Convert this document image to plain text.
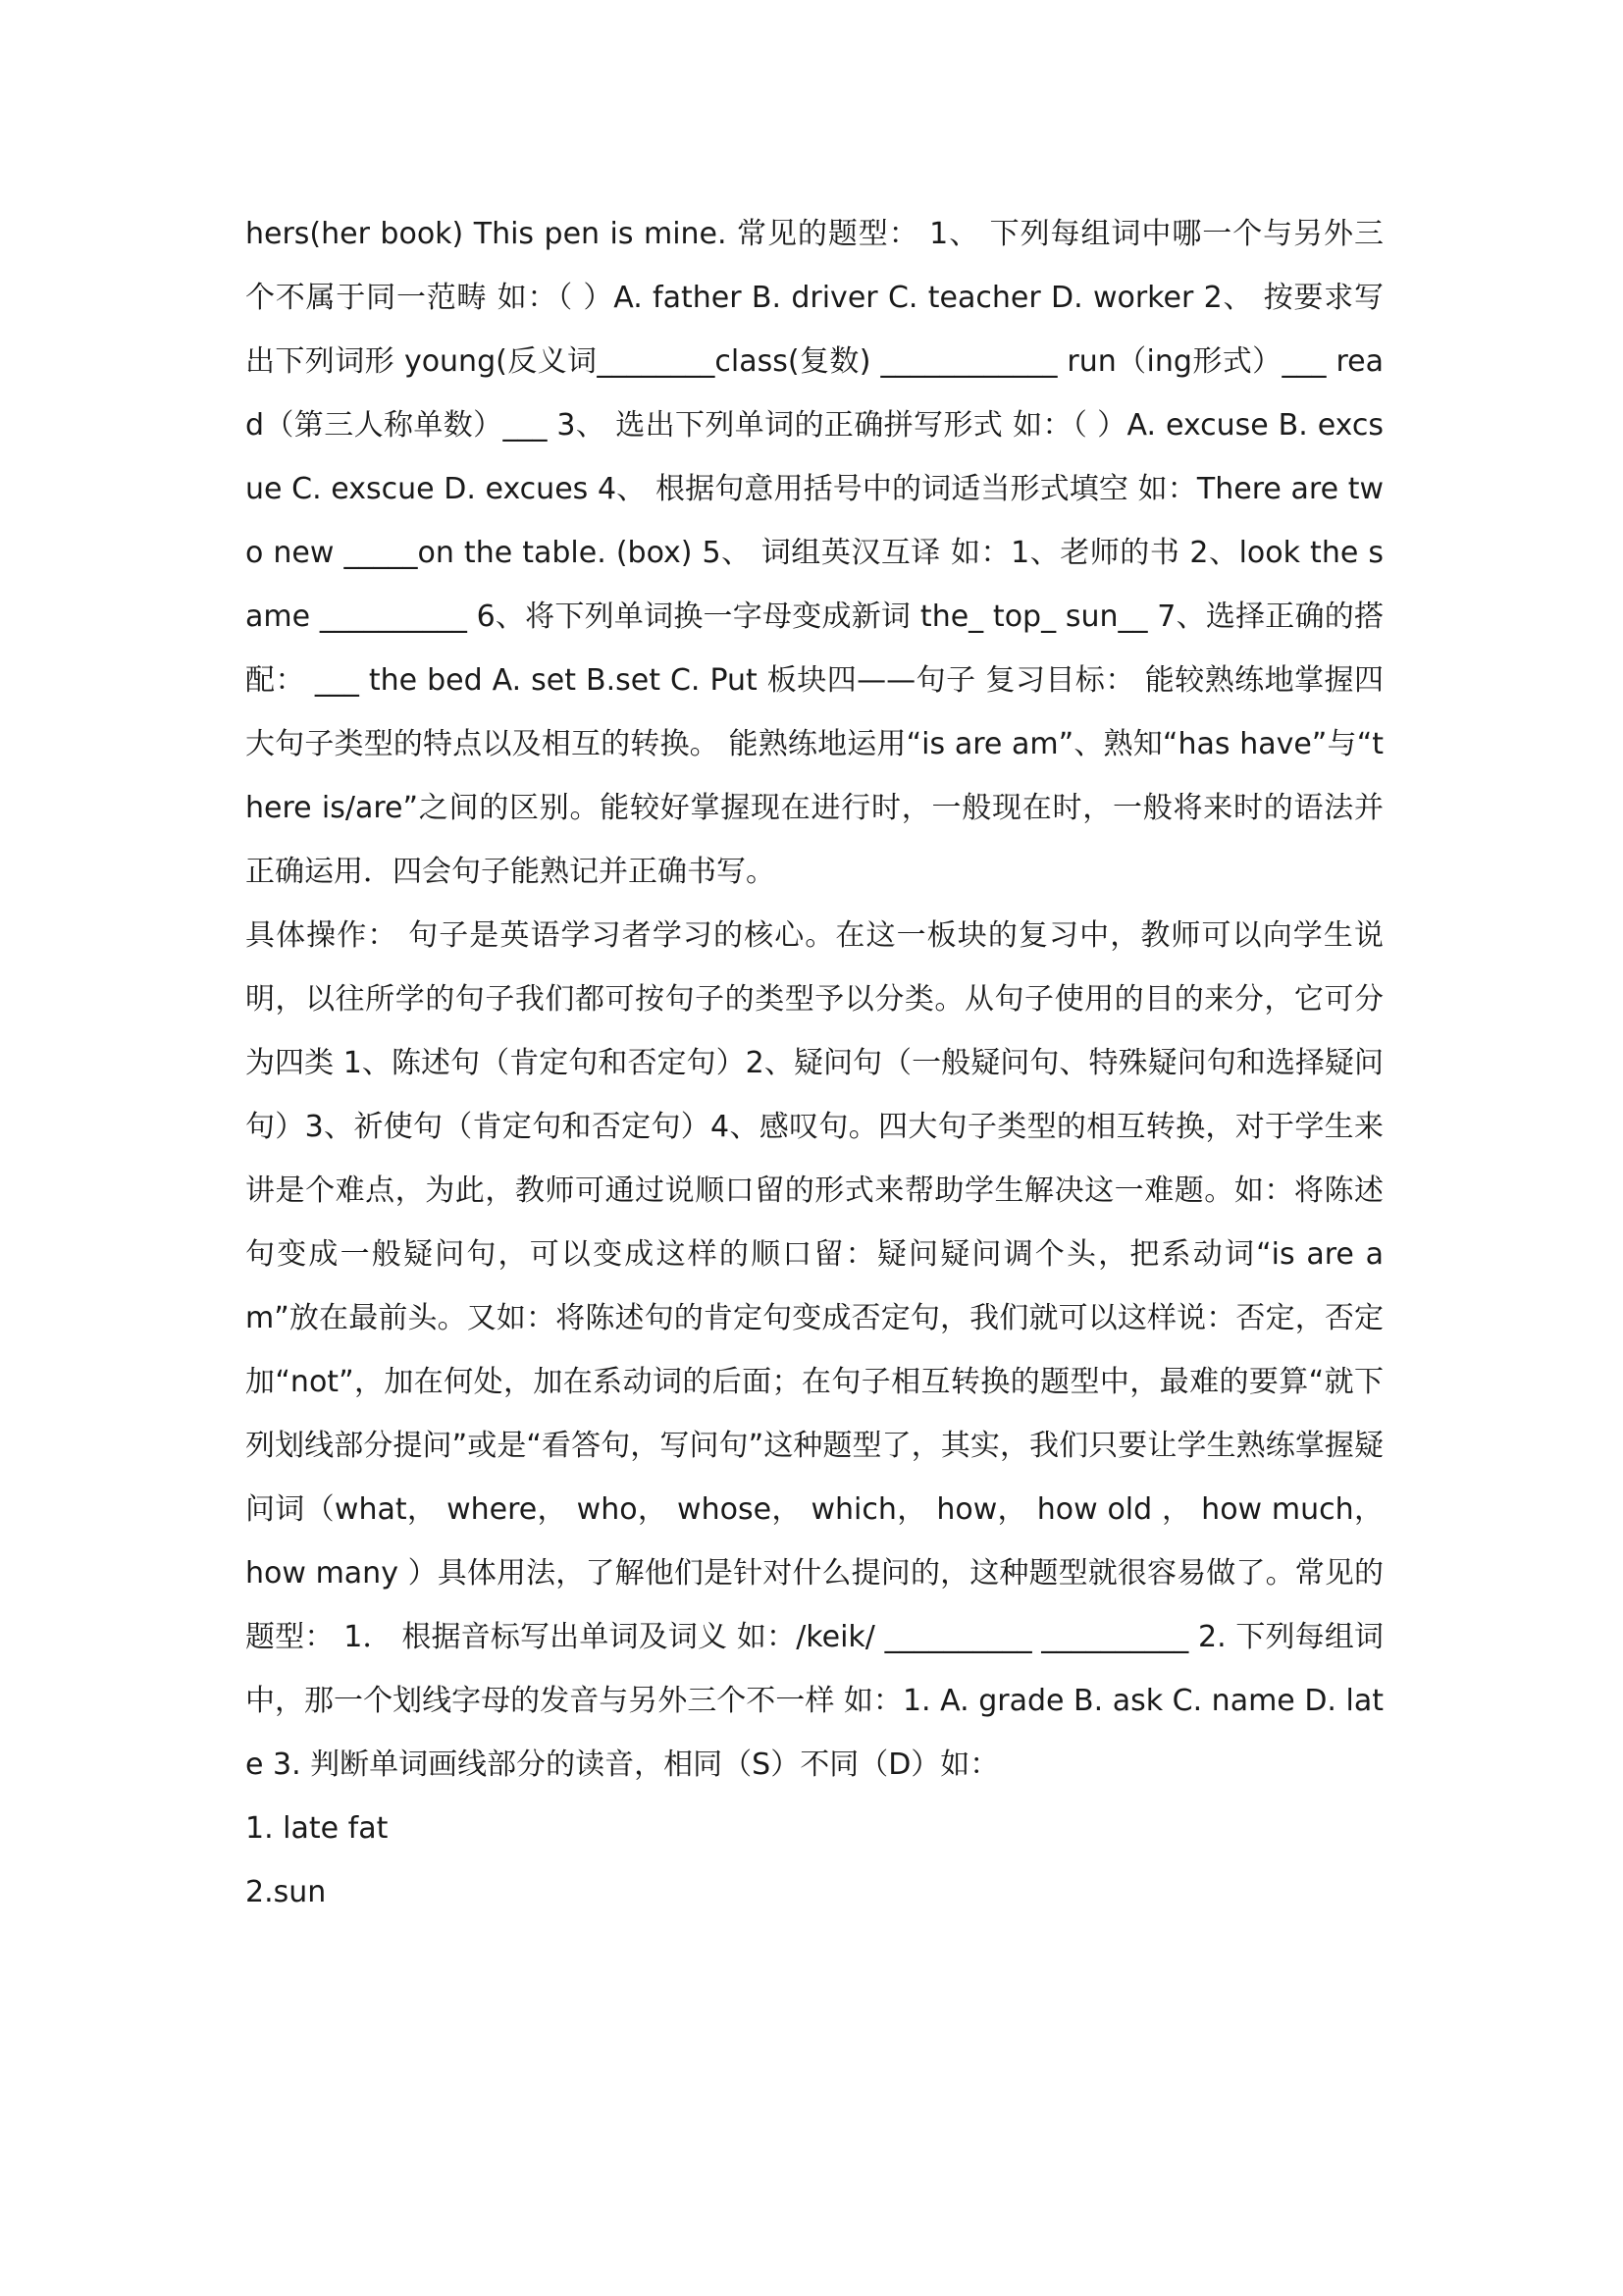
hers(her book) This pen is mine. 常见的题型： 1、 下列每组词中哪一个与另外三个不属于同一范畴 如：（ ）A. father B. driver C. teacher D. worker 2、 按要求写出下列词形 young(反义词________class(复数) ____________ run（ing形式）___ read（第三人称单数）___ 3、 选出下列单词的正确拼写形式 如：（ ）A. excuse B. excsue C. exscue D. excues 4、 根据句意用括号中的词适当形式填空 如：There are two new _____on the table. (box) 5、 词组英汉互译 如：1、老师的书 2、look the same __________ 6、将下列单词换一字母变成新词 the_ top_ sun__ 7、选择正确的搭配： ___ the bed A. set B.set C. Put 板块四——句子 复习目标： 能较熟练地掌握四大句子类型的特点以及相互的转换。 能熟练地运用“is are am”、熟知“has have”与“there is/are”之间的区别。能较好掌握现在进行时，一般现在时，一般将来时的语法并正确运用．四会句子能熟记并正确书写。

具体操作： 句子是英语学习者学习的核心。在这一板块的复习中，教师可以向学生说明，以往所学的句子我们都可按句子的类型予以分类。从句子使用的目的来分，它可分为四类 1、陈述句（肯定句和否定句）2、疑问句（一般疑问句、特殊疑问句和选择疑问句）3、祈使句（肯定句和否定句）4、感叹句。四大句子类型的相互转换，对于学生来讲是个难点，为此，教师可通过说顺口留的形式来帮助学生解决这一难题。如：将陈述句变成一般疑问句，可以变成这样的顺口留：疑问疑问调个头，把系动词“is are am”放在最前头。又如：将陈述句的肯定句变成否定句，我们就可以这样说：否定，否定加“not”，加在何处，加在系动词的后面；在句子相互转换的题型中，最难的要算“就下列划线部分提问”或是“看答句，写问句”这种题型了，其实，我们只要让学生熟练掌握疑问词（what， where， who， whose， which， how， how old ， how much， how many ）具体用法，了解他们是针对什么提问的，这种题型就很容易做了。常见的题型： 1． 根据音标写出单词及词义 如：/keik/ __________ __________ 2. 下列每组词中，那一个划线字母的发音与另外三个不一样 如：1. A. grade B. ask C. name D. late 3. 判断单词画线部分的读音，相同（S）不同（D）如：

1. late fat

2.sun
